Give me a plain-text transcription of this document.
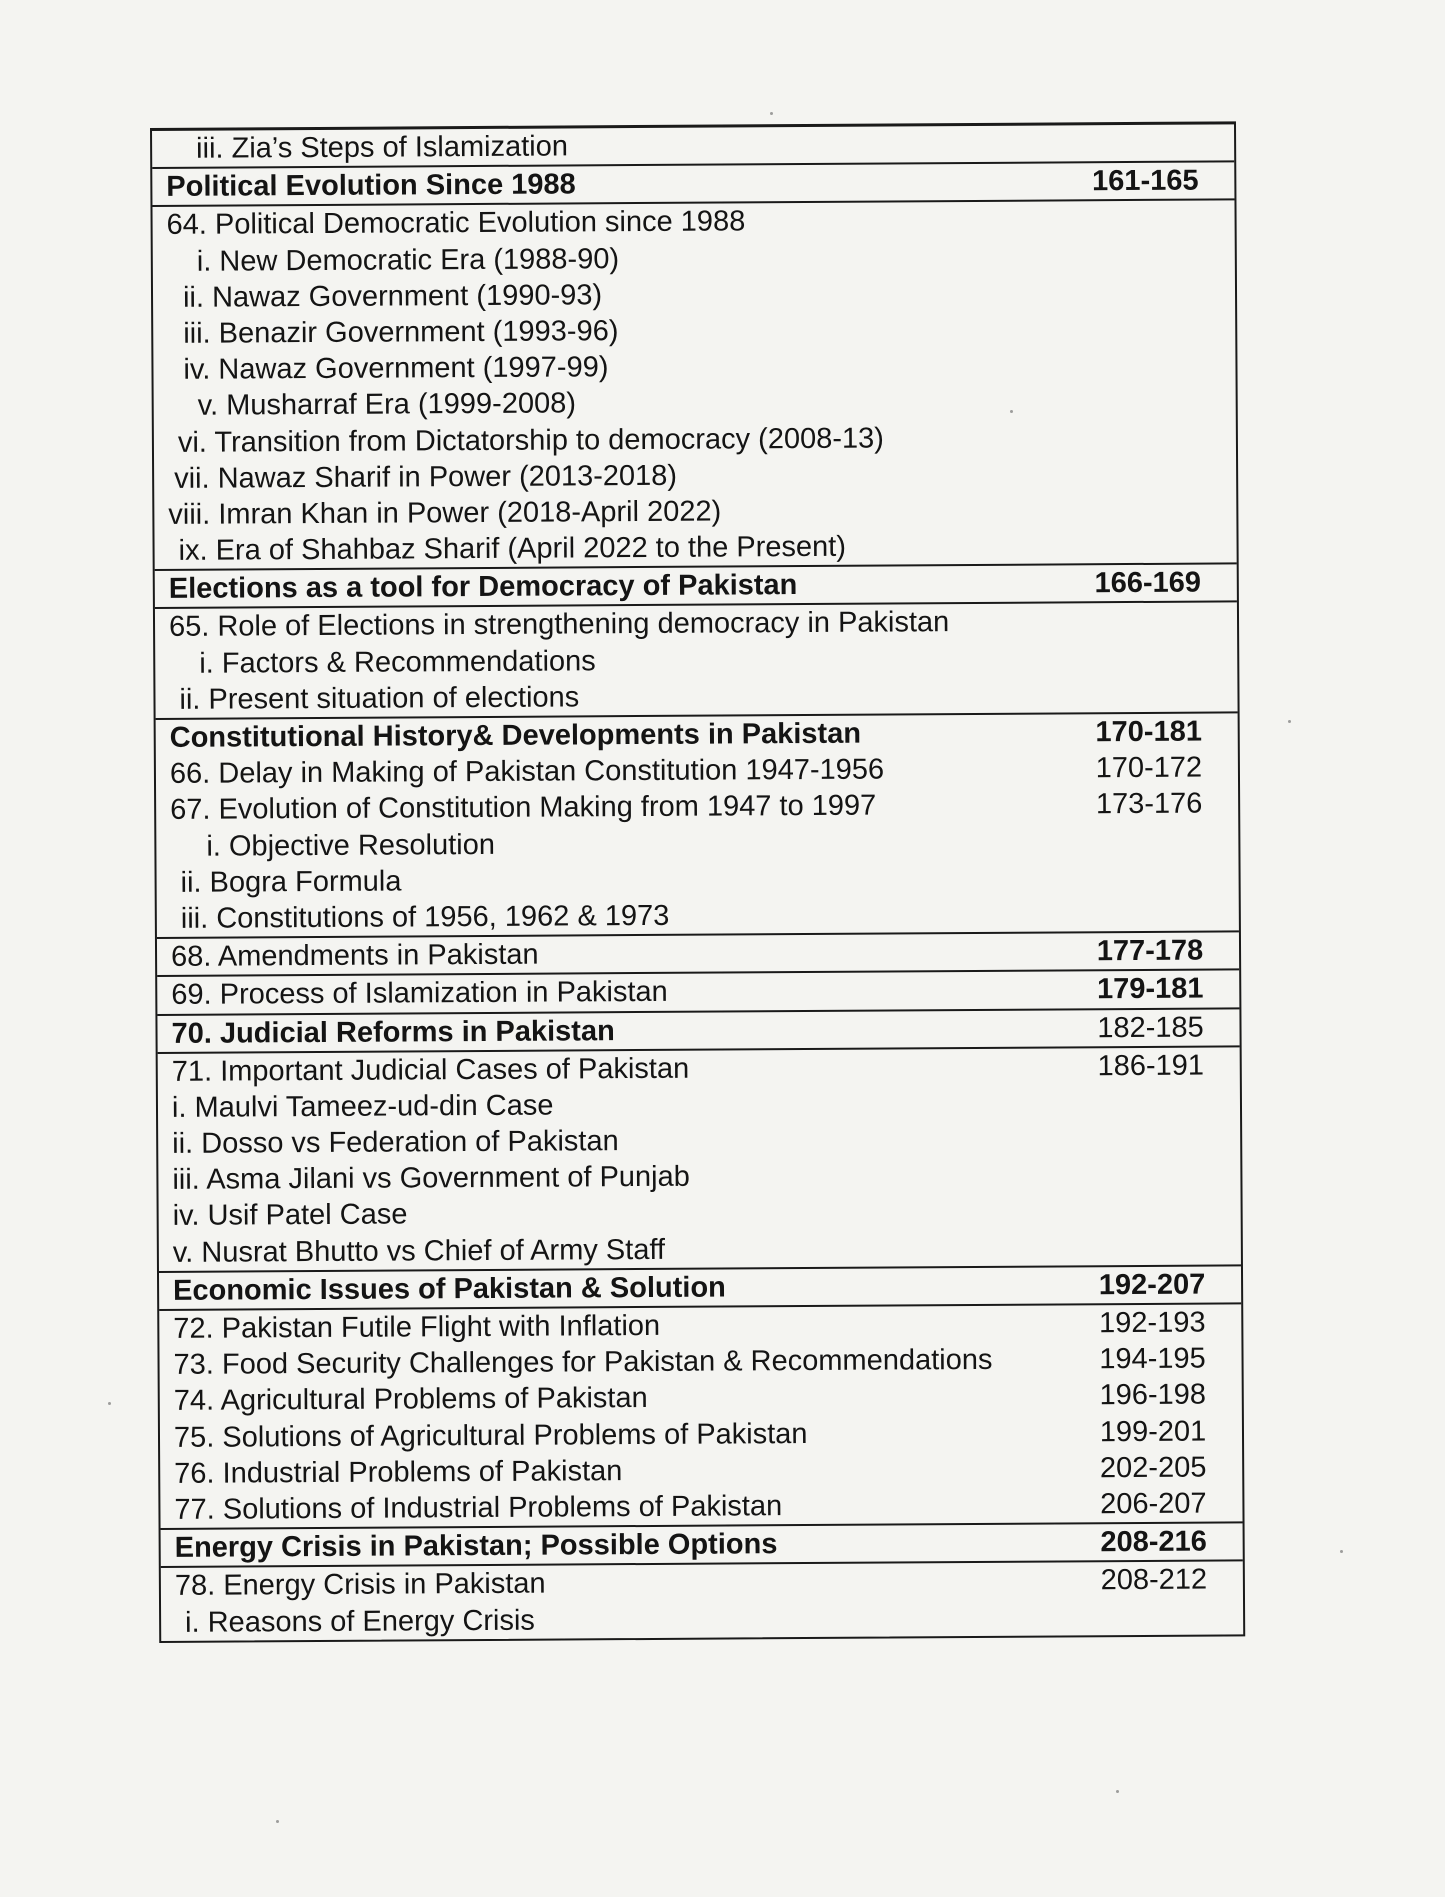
iii. Zia’s Steps of Islamization
Political Evolution Since 1988	161-165
64. Political Democratic Evolution since 1988
i. New Democratic Era (1988-90)
ii. Nawaz Government (1990-93)
iii. Benazir Government (1993-96)
iv. Nawaz Government (1997-99)
v. Musharraf Era (1999-2008)
vi. Transition from Dictatorship to democracy (2008-13)
vii. Nawaz Sharif in Power (2013-2018)
viii. Imran Khan in Power (2018-April 2022)
ix. Era of Shahbaz Sharif (April 2022 to the Present)
Elections as a tool for Democracy of Pakistan	166-169
65. Role of Elections in strengthening democracy in Pakistan
i. Factors & Recommendations
ii. Present situation of elections
Constitutional History& Developments in Pakistan	170-181
66. Delay in Making of Pakistan Constitution 1947-1956	170-172
67. Evolution of Constitution Making from 1947 to 1997	173-176
i. Objective Resolution
ii. Bogra Formula
iii. Constitutions of 1956, 1962 & 1973
68. Amendments in Pakistan	177-178
69. Process of Islamization in Pakistan	179-181
70. Judicial Reforms in Pakistan	182-185
71. Important Judicial Cases of Pakistan	186-191
i. Maulvi Tameez-ud-din Case
ii. Dosso vs Federation of Pakistan
iii. Asma Jilani vs Government of Punjab
iv. Usif Patel Case
v. Nusrat Bhutto vs Chief of Army Staff
Economic Issues of Pakistan & Solution	192-207
72. Pakistan Futile Flight with Inflation	192-193
73. Food Security Challenges for Pakistan & Recommendations	194-195
74. Agricultural Problems of Pakistan	196-198
75. Solutions of Agricultural Problems of Pakistan	199-201
76. Industrial Problems of Pakistan	202-205
77. Solutions of Industrial Problems of Pakistan	206-207
Energy Crisis in Pakistan; Possible Options	208-216
78. Energy Crisis in Pakistan	208-212
i. Reasons of Energy Crisis
